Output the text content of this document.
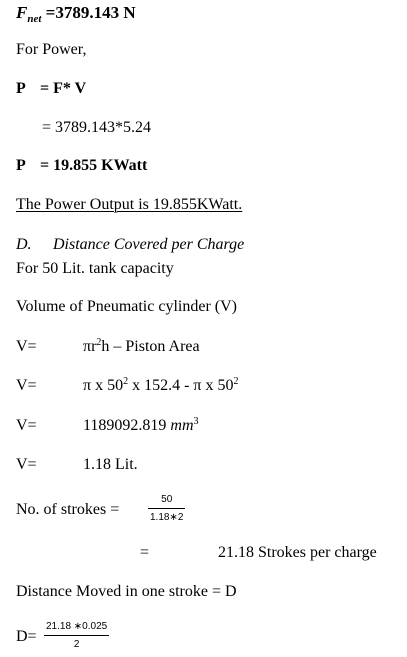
$F_{net} =3789.143$ N
For Power,
P = F* V
= 3789.143*5.24
P = 19.855 KWatt
The Power Output is 19.855KWatt.
D. Distance Covered per Charge
For 50 Lit. tank capacity
Volume of Pneumatic cylinder (V)
V=	$\pi r^2h$ – Piston Area
V=	π x $50^2$ x 152.4 - π x $50^2$
V=	1189092.819 $mm^3$
V=	1.18 Lit.
No. of strokes =
50
1.18∗2
=	21.18 Strokes per charge
Distance Moved in one stroke = D
D=
21.18 ∗0.025
2
